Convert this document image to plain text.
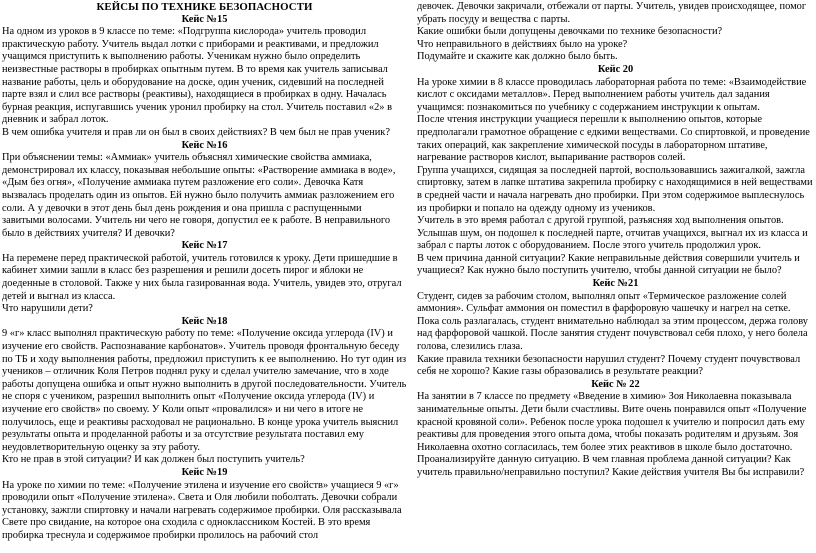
КЕЙСЫ ПО ТЕХНИКЕ БЕЗОПАСНОСТИ
Кейс №15

На одном из уроков в 9 классе по теме: «Подгруппа кислорода» учитель проводил практическую работу. Учитель выдал лотки с приборами и реактивами, и предложил учащимся приступить к выполнению работы. Ученикам нужно было определить неизвестные растворы в пробирках опытным путем. В то время как учитель записывал название работы, цель и оборудование на доске, один ученик, сидевший на последней парте взял и слил все растворы (реактивы), находящиеся в пробирках в одну. Началась бурная реакция, испугавшись ученик уронил пробирку на стол. Учитель поставил «2» в дневник и забрал лоток.

В чем ошибка учителя и прав ли он был в своих действиях? В чем был не прав ученик?

Кейс №16

При объяснении темы: «Аммиак» учитель объяснял химические свойства аммиака, демонстрировал их классу, показывая небольшие опыты: «Растворение аммиака в воде», «Дым без огня», «Получение аммиака путем разложение его соли». Девочка Катя вызвалась проделать один из опытов. Ей нужно было получить аммиак разложением его соли. А у девочки в этот день был день рождения и она пришла с распущенными завитыми волосами. Учитель ни чего не говоря, допустил ее к работе. В неправильного было в действиях учителя? И девочки?

Кейс №17

На перемене перед практической работой, учитель готовился к уроку. Дети пришедшие в кабинет химии зашли в класс без разрешения и решили досеть пирог и яблоки не доеденные в столовой. Также у них была газированная вода. Учитель, увидев это, отругал детей и выгнал из класса.

Что нарушили дети?

Кейс №18

9 «г» класс выполнял практическую работу по теме: «Получение оксида углерода (IV) и изучение его свойств. Распознавание карбонатов». Учитель проводя фронтальную беседу по ТБ и ходу выполнения работы, предложил приступить к ее выполнению. Но тут один из учеников – отличник Коля Петров поднял руку и сделал учителю замечание, что в ходе работы допущена ошибка и опыт нужно выполнить в другой последовательности. Учитель не споря с учеником, разрешил выполнить опыт «Получение оксида углерода (IV) и изучение его свойств» по своему. У Коли опыт «провалился» и ни чего в итоге не получилось, еще и реактивы расходовал не рационально. В конце урока учитель выяснил результаты опыта и проделанной работы и за отсутствие результата поставил ему неудовлетворительную оценку за эту работу.

Кто не прав в этой ситуации? И как должен был поступить учитель?

Кейс №19

На уроке по химии по теме: «Получение этилена и изучение его свойств» учащиеся 9 «г» проводили опыт «Получение этилена». Света и Оля любили поболтать. Девочки собрали установку, зажгли спиртовку и начали нагревать содержимое пробирки. Оля рассказывала Свете про свидание, на которое она сходила с одноклассником Костей. В это время пробирка треснула и содержимое пробирки пролилось на рабочий стол

девочек. Девочки закричали, отбежали от парты. Учитель, увидев происходящее, помог убрать посуду и вещества с парты.

Какие ошибки были допущены девочками по технике безопасности?

Что неправильного в действиях было на уроке?

Подумайте и скажите как должно было быть.

Кейс 20

На уроке химии в 8 классе проводилась лабораторная работа по теме: «Взаимодействие кислот с оксидами металлов». Перед выполнением работы учитель дал задания учащимся: познакомиться по учебнику с содержанием инструкции к опытам.

После чтения инструкции учащиеся перешли к выполнению опытов, которые предполагали грамотное обращение с едкими веществами. Со спиртовкой, и проведение таких операций, как закрепление химической посуды в лабораторном штативе, нагревание растворов кислот, выпаривание растворов солей.

Группа учащихся, сидящая за последней партой, воспользовавшись зажигалкой, зажгла спиртовку, затем в лапке штатива закрепила пробирку с находящимися в ней веществами в средней части и начала нагревать дно пробирки. При этом содержимое выплеснулось из пробирки и попало на одежду одному из учеников.

Учитель в это время работал с другой группой, разъясняя ход выполнения опытов. Услышав шум, он подошел к последней парте, отчитав учащихся, выгнал их из класса и забрал с парты лоток с оборудованием. После этого учитель продолжил урок.

В чем причина данной ситуации? Какие неправильные действия совершили учитель и учащиеся? Как нужно было поступить учителю, чтобы данной ситуации не было?

Кейс №21

Студент, сидев за рабочим столом, выполнял опыт «Термическое разложение солей аммония». Сульфат аммония он поместил в фарфоровую чашечку и нагрел на сетке. Пока соль разлагалась, студент внимательно наблюдал за этим процессом, держа голову над фарфоровой чашкой. После занятия студент почувствовал себя плохо, у него болела голова, слезились глаза.

Какие правила техники безопасности нарушил студент? Почему студент почувствовал себя не хорошо? Какие газы образовались в результате реакции?

Кейс № 22

На занятии в 7 классе по предмету «Введение в химию» Зоя Николаевна показывала занимательные опыты. Дети были счастливы. Вите очень понравился опыт «Получение красной кровяной соли». Ребенок после урока подошел к учителю и попросил дать ему реактивы для проведения этого опыта дома, чтобы показать родителям и друзьям. Зоя Николаевна охотно согласилась, тем более этих реактивов в школе было достаточно.

Проанализируйте данную ситуацию. В чем главная проблема данной ситуации? Как учитель правильно/неправильно поступил? Какие действия учителя Вы бы исправили?
